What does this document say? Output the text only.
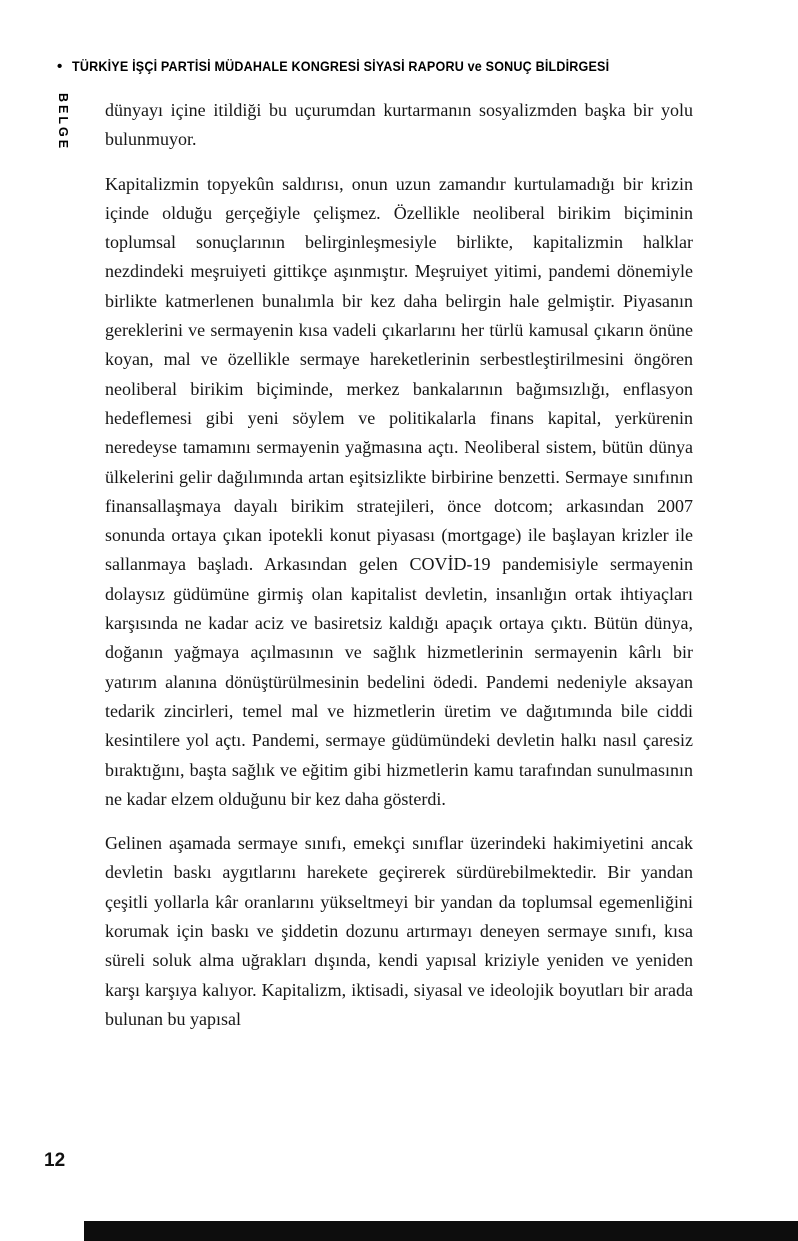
• TÜRKİYE İŞÇİ PARTİSİ MÜDAHALE KONGRESİ SİYASİ RAPORU ve SONUÇ BİLDİRGESİ
BELGE dünyayı içine itildiği bu uçurumdan kurtarmanın sosyalizmden başka bir yolu bulunmuyor.

Kapitalizmin topyekûn saldırısı, onun uzun zamandır kurtulamadığı bir krizin içinde olduğu gerçeğiyle çelişmez. Özellikle neoliberal birikim biçiminin toplumsal sonuçlarının belirginleşmesiyle birlikte, kapitalizmin halklar nezdindeki meşruiyeti gittikçe aşınmıştır. Meşruiyet yitimi, pandemi dönemiyle birlikte katmerlenen bunalımla bir kez daha belirgin hale gelmiştir. Piyasanın gereklerini ve sermayenin kısa vadeli çıkarlarını her türlü kamusal çıkarın önüne koyan, mal ve özellikle sermaye hareketlerinin serbestleştirilmesini öngören neoliberal birikim biçiminde, merkez bankalarının bağımsızlığı, enflasyon hedeflemesi gibi yeni söylem ve politikalarla finans kapital, yerkürenin neredeyse tamamını sermayenin yağmasına açtı. Neoliberal sistem, bütün dünya ülkelerini gelir dağılımında artan eşitsizlikte birbirine benzetti. Sermaye sınıfının finansallaşmaya dayalı birikim stratejileri, önce dotcom; arkasından 2007 sonunda ortaya çıkan ipotekli konut piyasası (mortgage) ile başlayan krizler ile sallanmaya başladı. Arkasından gelen COVİD-19 pandemisiyle sermayenin dolaysız güdümüne girmiş olan kapitalist devletin, insanlığın ortak ihtiyaçları karşısında ne kadar aciz ve basiretsiz kaldığı apaçık ortaya çıktı. Bütün dünya, doğanın yağmaya açılmasının ve sağlık hizmetlerinin sermayenin kârlı bir yatırım alanına dönüştürülmesinin bedelini ödedi. Pandemi nedeniyle aksayan tedarik zincirleri, temel mal ve hizmetlerin üretim ve dağıtımında bile ciddi kesintilere yol açtı. Pandemi, sermaye güdümündeki devletin halkı nasıl çaresiz bıraktığını, başta sağlık ve eğitim gibi hizmetlerin kamu tarafından sunulmasının ne kadar elzem olduğunu bir kez daha gösterdi.

Gelinen aşamada sermaye sınıfı, emekçi sınıflar üzerindeki hakimiyetini ancak devletin baskı aygıtlarını harekete geçirerek sürdürebilmektedir. Bir yandan çeşitli yollarla kâr oranlarını yükseltmeyi bir yandan da toplumsal egemenliğini korumak için baskı ve şiddetin dozunu artırmayı deneyen sermaye sınıfı, kısa süreli soluk alma uğrakları dışında, kendi yapısal kriziyle yeniden ve yeniden karşı karşıya kalıyor. Kapitalizm, iktisadi, siyasal ve ideolojik boyutları bir arada bulunan bu yapısal

12
